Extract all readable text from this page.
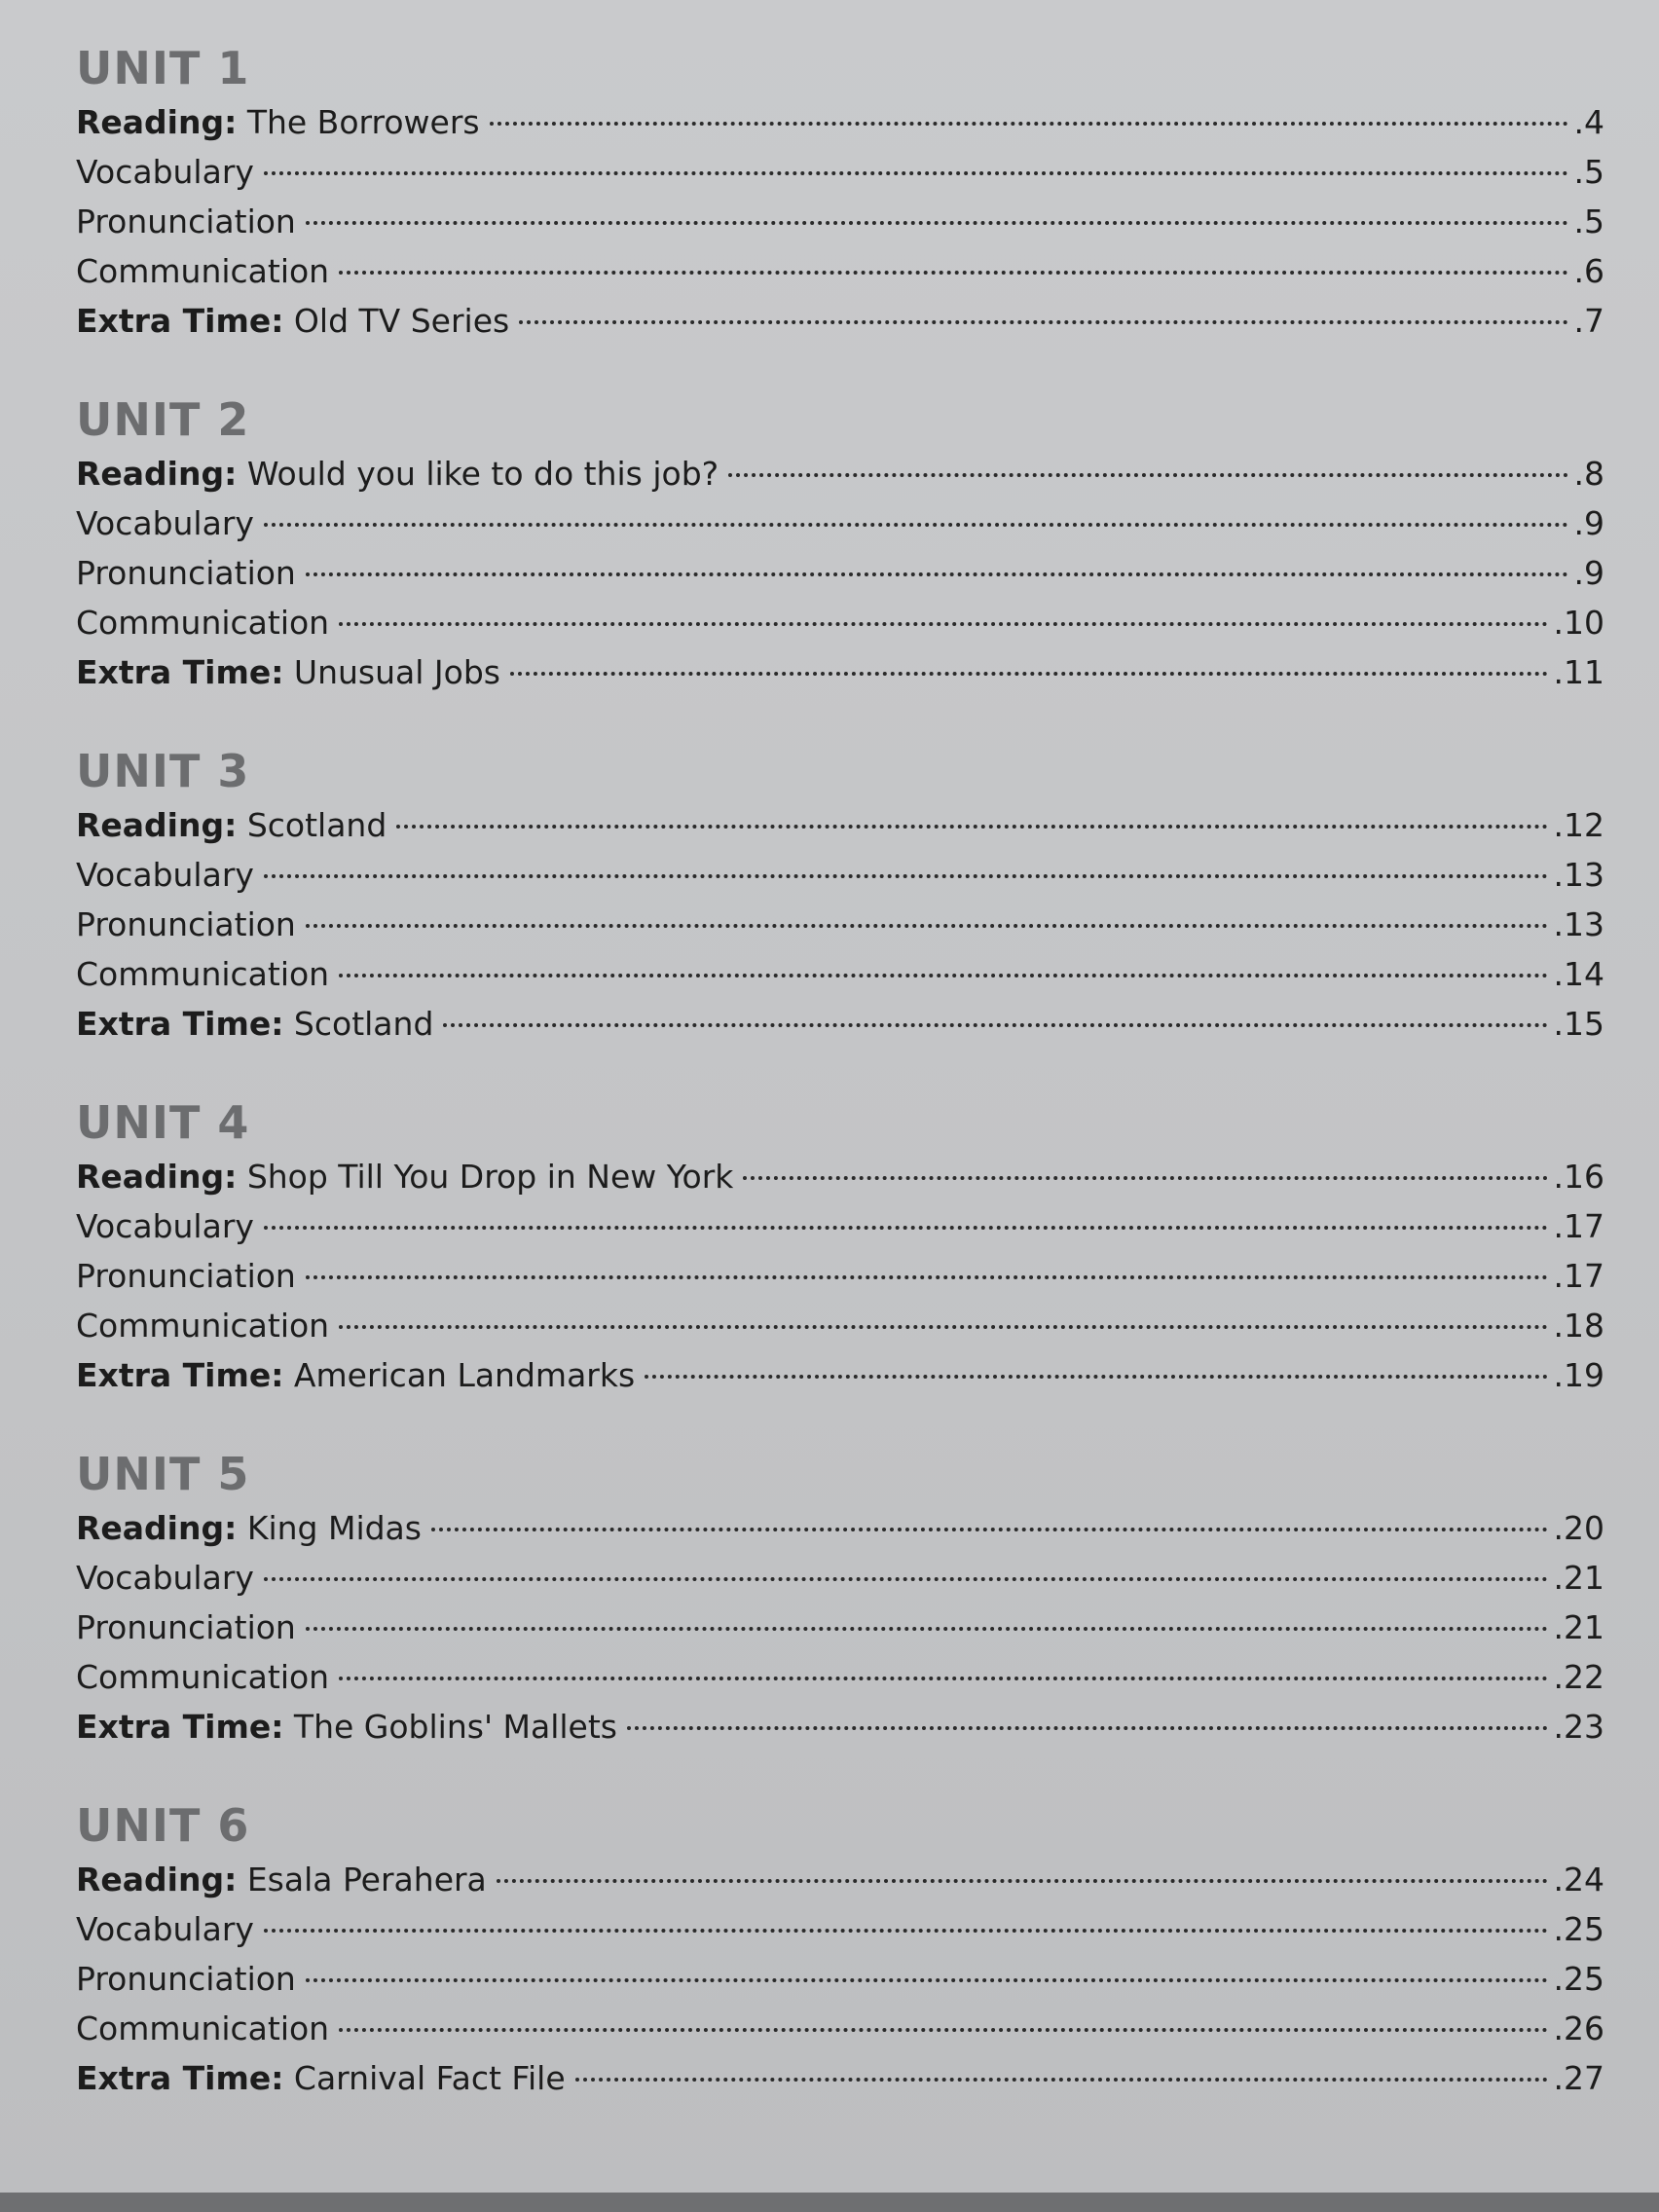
UNIT 1
Reading: The Borrowers	.4
Vocabulary	.5
Pronunciation	.5
Communication	.6
Extra Time: Old TV Series	.7
UNIT 2
Reading: Would you like to do this job?	.8
Vocabulary	.9
Pronunciation	.9
Communication	.10
Extra Time: Unusual Jobs	.11
UNIT 3
Reading: Scotland	.12
Vocabulary	.13
Pronunciation	.13
Communication	.14
Extra Time: Scotland	.15
UNIT 4
Reading: Shop Till You Drop in New York	.16
Vocabulary	.17
Pronunciation	.17
Communication	.18
Extra Time: American Landmarks	.19
UNIT 5
Reading: King Midas	.20
Vocabulary	.21
Pronunciation	.21
Communication	.22
Extra Time: The Goblins' Mallets	.23
UNIT 6
Reading: Esala Perahera	.24
Vocabulary	.25
Pronunciation	.25
Communication	.26
Extra Time: Carnival Fact File	.27
